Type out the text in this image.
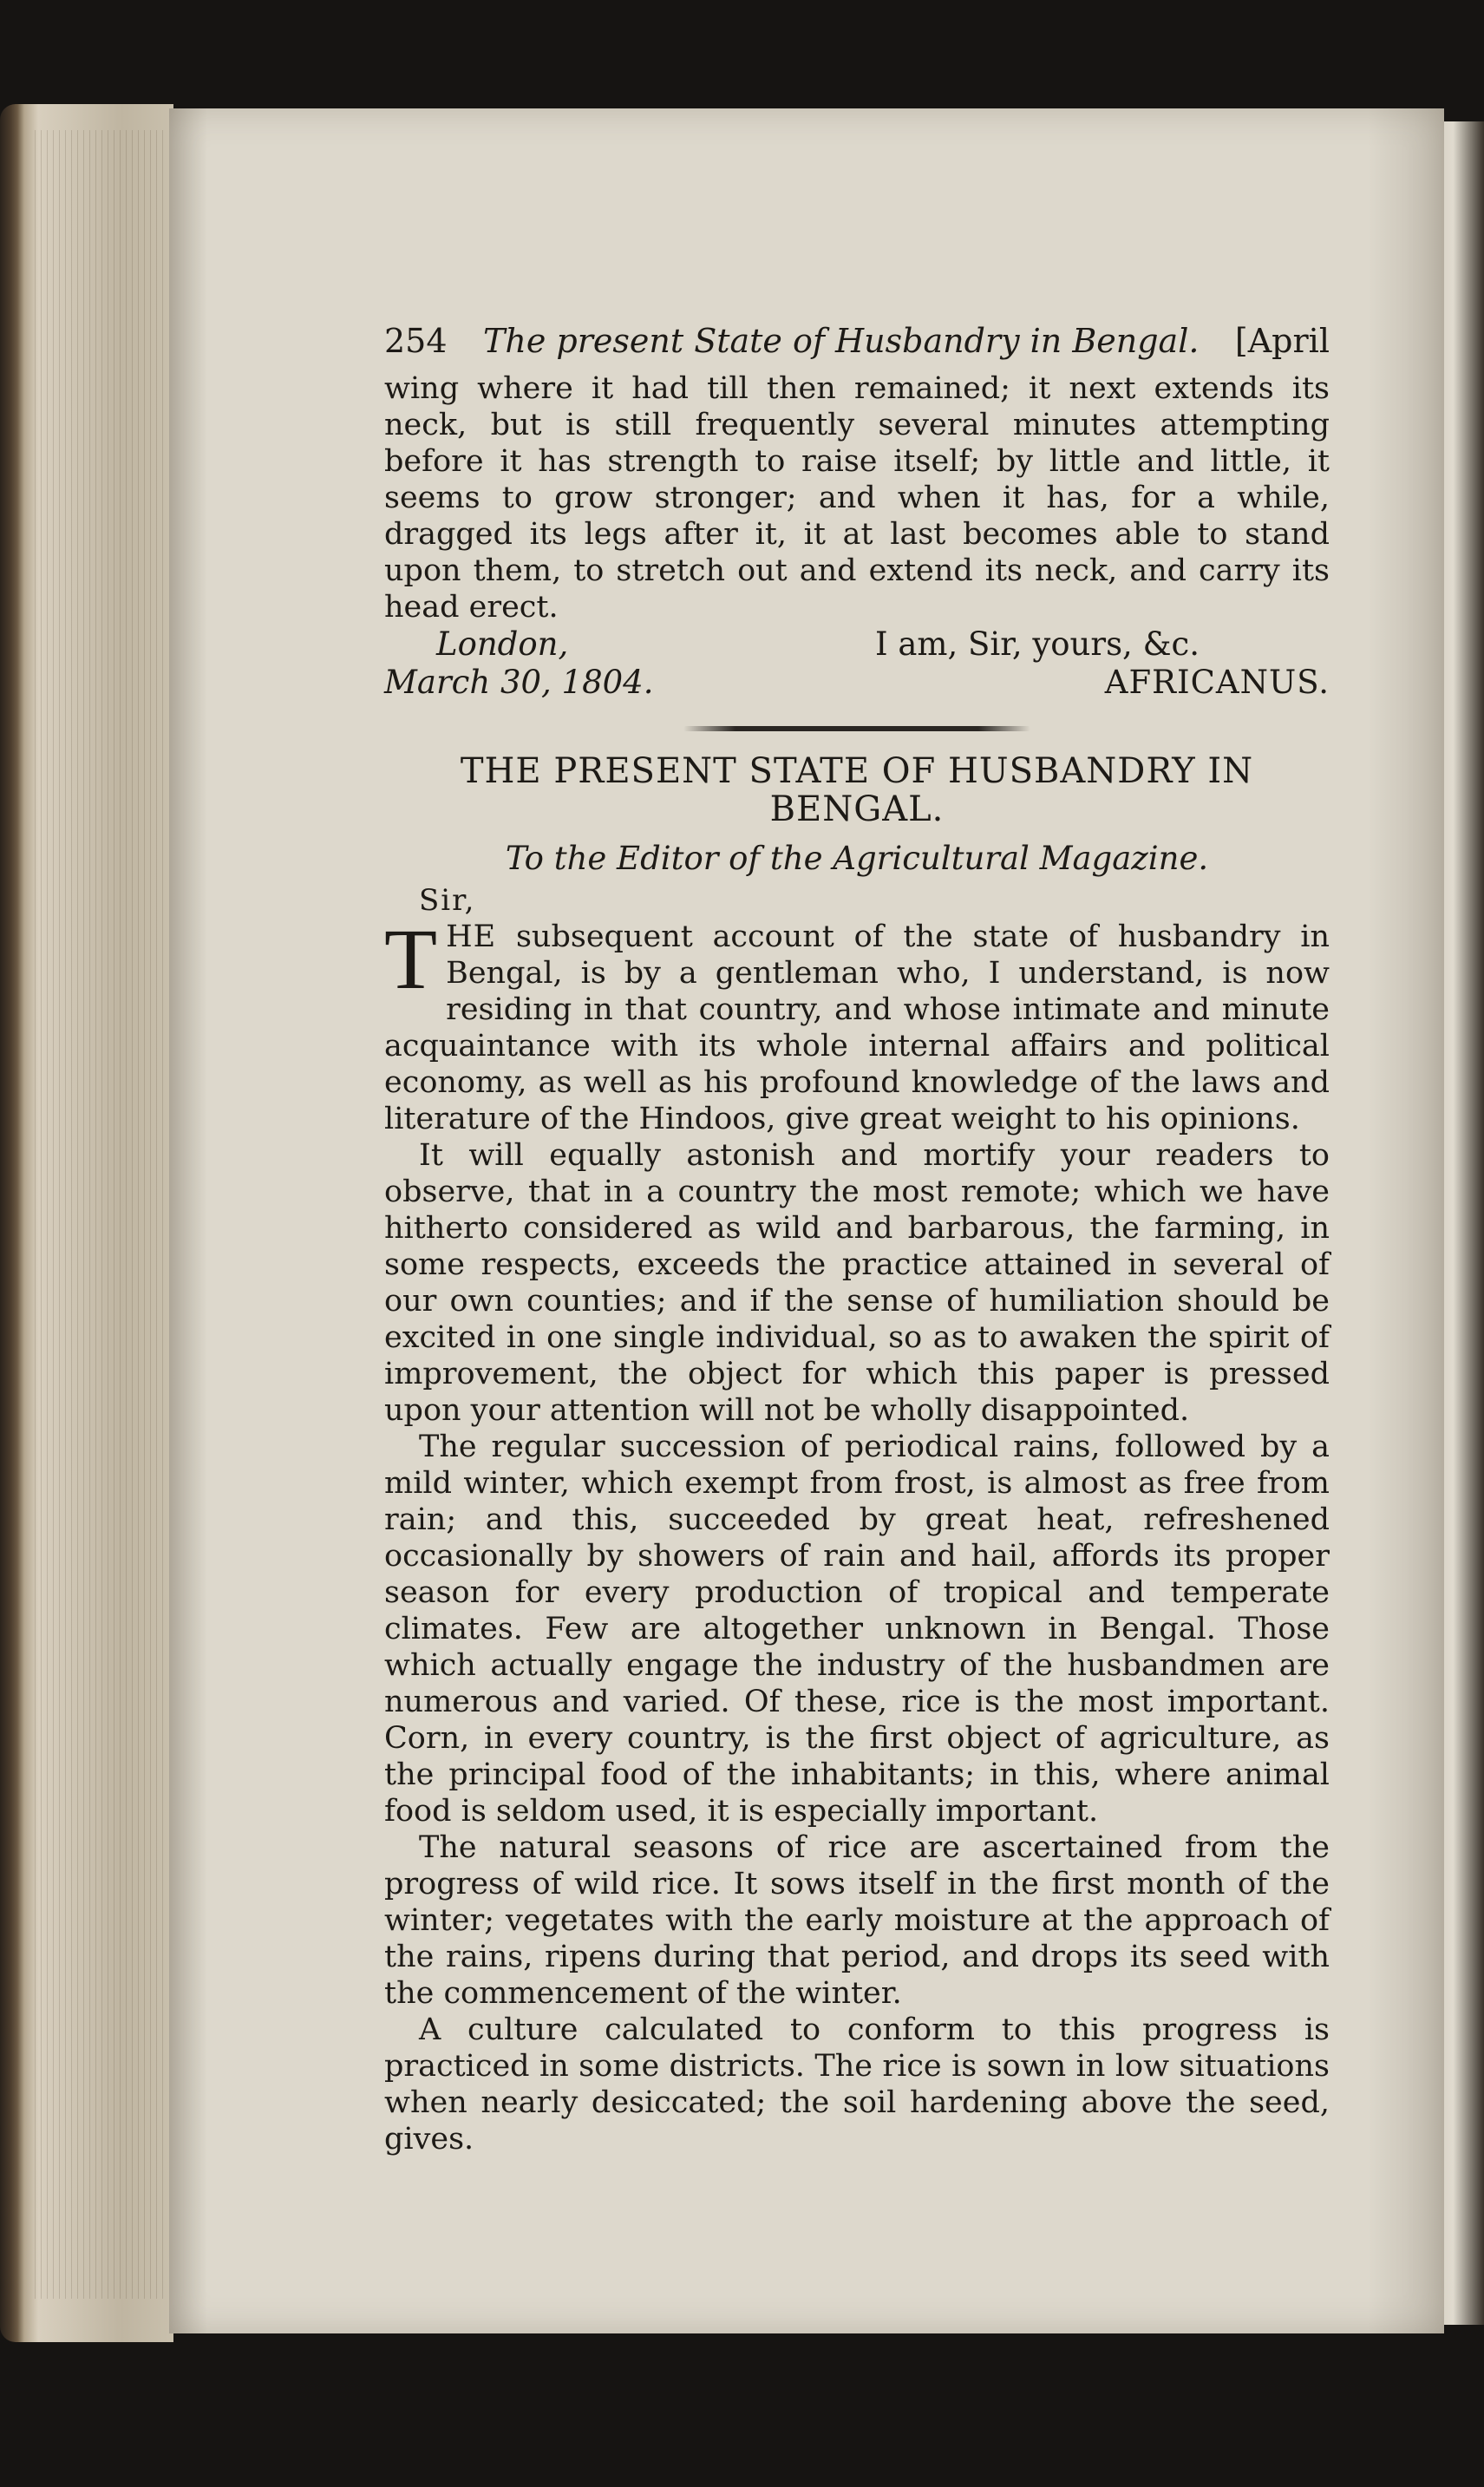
254 The present State of Husbandry in Bengal. [April

wing where it had till then remained; it next extends its neck, but is still frequently several minutes attempting before it has strength to raise itself; by little and little, it seems to grow stronger; and when it has, for a while, dragged its legs after it, it at last becomes able to stand upon them, to stretch out and extend its neck, and carry its head erect.

London,	I am, Sir, yours, &c.
March 30, 1804.	AFRICANUS.

THE PRESENT STATE OF HUSBANDRY IN

BENGAL.

To the Editor of the Agricultural Magazine.
Sir,

THE subsequent account of the state of husbandry in Bengal, is by a gentleman who, I understand, is now residing in that country, and whose intimate and minute acquaintance with its whole internal affairs and political economy, as well as his profound knowledge of the laws and literature of the Hindoos, give great weight to his opinions.

It will equally astonish and mortify your readers to observe, that in a country the most remote; which we have hitherto considered as wild and barbarous, the farming, in some respects, exceeds the practice attained in several of our own counties; and if the sense of humiliation should be excited in one single individual, so as to awaken the spirit of improvement, the object for which this paper is pressed upon your attention will not be wholly disappointed.

The regular succession of periodical rains, followed by a mild winter, which exempt from frost, is almost as free from rain; and this, succeeded by great heat, refreshened occasionally by showers of rain and hail, affords its proper season for every production of tropical and temperate climates. Few are altogether unknown in Bengal. Those which actually engage the industry of the husbandmen are numerous and varied. Of these, rice is the most important. Corn, in every country, is the first object of agriculture, as the principal food of the inhabitants; in this, where animal food is seldom used, it is especially important.

The natural seasons of rice are ascertained from the progress of wild rice. It sows itself in the first month of the winter; vegetates with the early moisture at the approach of the rains, ripens during that period, and drops its seed with the commencement of the winter.

A culture calculated to conform to this progress is practiced in some districts. The rice is sown in low situations when nearly desiccated; the soil hardening above the seed, gives.
